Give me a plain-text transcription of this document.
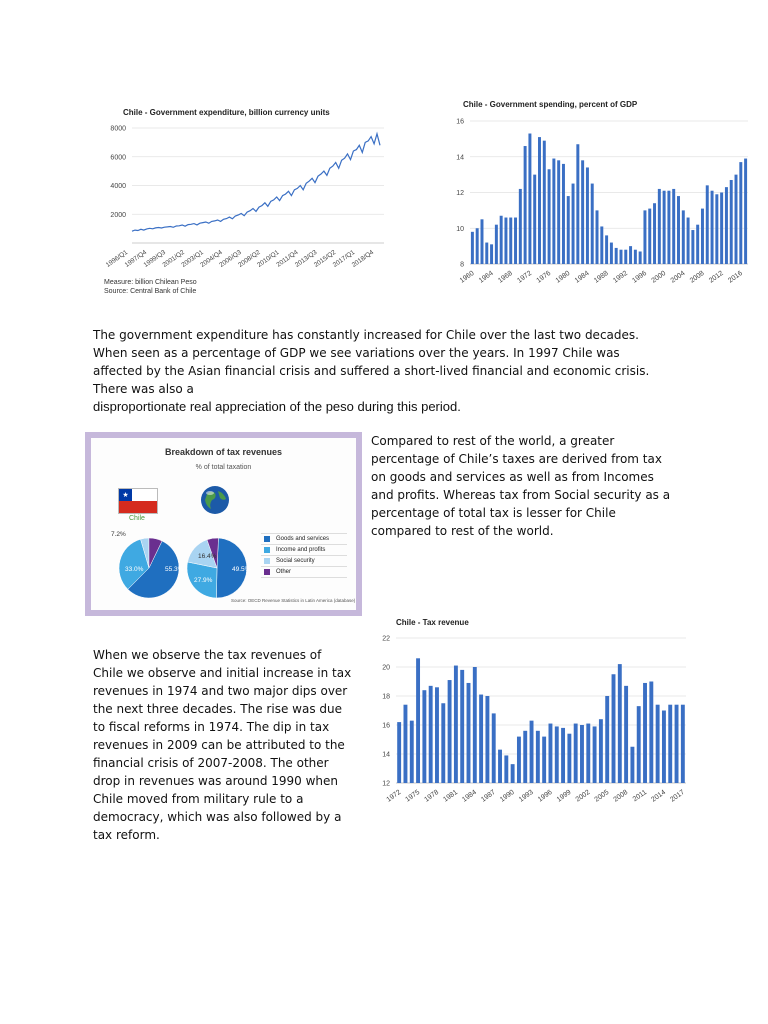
Chile - Government expenditure, billion currency units
2000
4000
6000
8000
1996/Q1
1997/Q4
1999/Q3
2001/Q2
2003/Q1
2004/Q4
2006/Q3
2008/Q2
2010/Q1
2011/Q4
2013/Q3
2015/Q2
2017/Q1
2018/Q4
Measure: billion Chilean Peso
Source: Central Bank of Chile
Chile - Government spending, percent of GDP
8
10
12
14
16
1960 1964 1968 1972 1976 1980 1984 1988 1992 1996 2000 2004 2008 2012 2016
The government expenditure has constantly increased for Chile over the last two decades. When seen as a percentage of GDP we see variations over the years. In 1997 Chile was affected by the Asian financial crisis and suffered a short-lived financial and economic crisis. There was also a
disproportionate real appreciation of the peso during this period.
Breakdown of tax revenues
% of total taxation
★
Chile
55.3%
33.0%
7.2%
49.5%
27.9%
16.4%
Goods and services
Income and profits
Social security
Other
Source: OECD Revenue Statistics in Latin America (database)
Compared to rest of the world, a greater percentage of Chile’s taxes are derived from tax on goods and services as well as from Incomes and profits. Whereas tax from Social security as a percentage of total tax is lesser for Chile compared to rest of the world.
Chile - Tax revenue
12
14
16
18
20
22
1972 1975 1978 1981 1984 1987 1990 1993 1996 1999 2002 2005 2008 2011 2014 2017
When we observe the tax revenues of Chile we observe and initial increase in tax revenues in 1974 and two major dips over the next three decades. The rise was due to fiscal reforms in 1974. The dip in tax revenues in 2009 can be attributed to the financial crisis of 2007-2008. The other drop in revenues was around 1990 when Chile moved from military rule to a democracy, which was also followed by a tax reform.
